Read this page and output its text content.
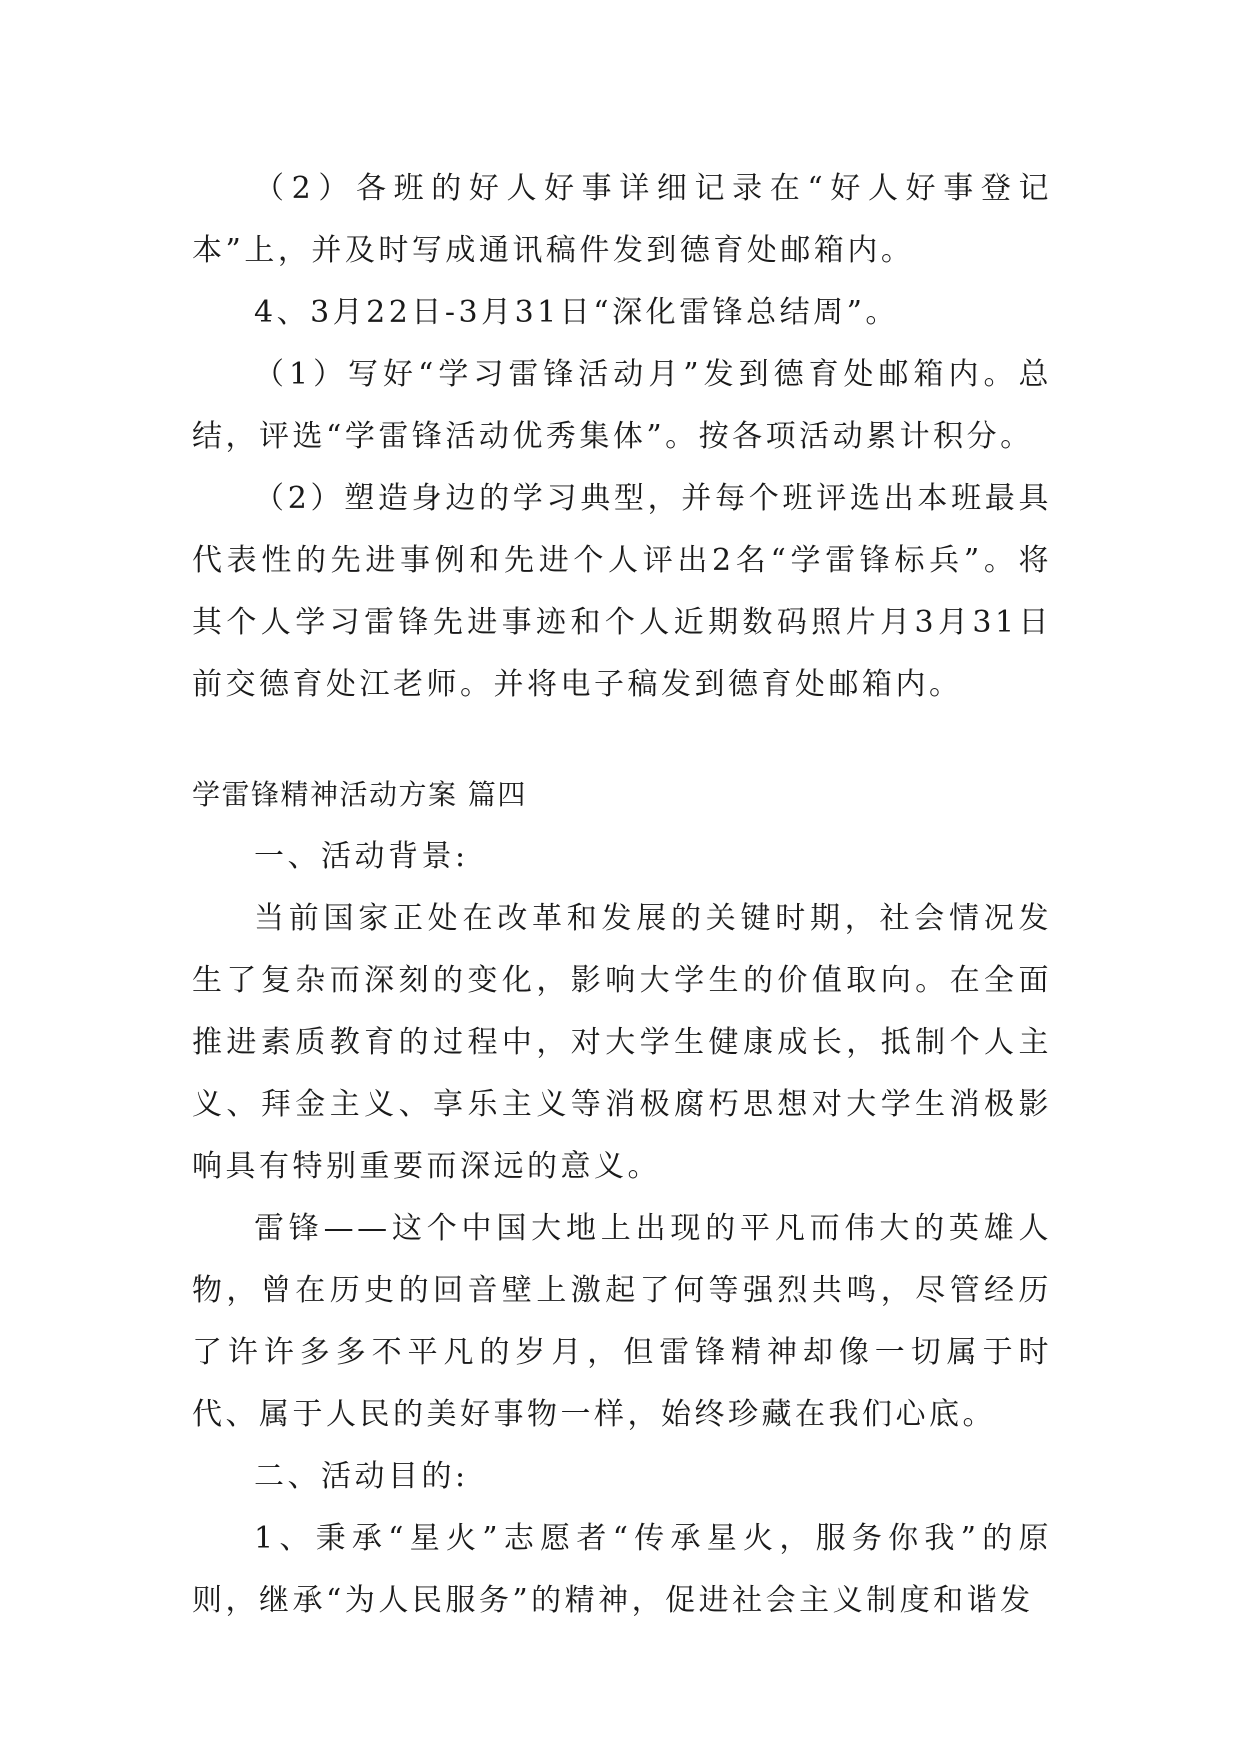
（2）各班的好人好事详细记录在“好人好事登记本”上，并及时写成通讯稿件发到德育处邮箱内。

4、3月22日-3月31日“深化雷锋总结周”。

（1）写好“学习雷锋活动月”发到德育处邮箱内。总结，评选“学雷锋活动优秀集体”。按各项活动累计积分。

（2）塑造身边的学习典型，并每个班评选出本班最具代表性的先进事例和先进个人评出2名“学雷锋标兵”。将其个人学习雷锋先进事迹和个人近期数码照片月3月31日前交德育处江老师。并将电子稿发到德育处邮箱内。

学雷锋精神活动方案 篇四

一、活动背景:

当前国家正处在改革和发展的关键时期，社会情况发生了复杂而深刻的变化，影响大学生的价值取向。在全面推进素质教育的过程中，对大学生健康成长，抵制个人主义、拜金主义、享乐主义等消极腐朽思想对大学生消极影响具有特别重要而深远的意义。

雷锋——这个中国大地上出现的平凡而伟大的英雄人物，曾在历史的回音壁上激起了何等强烈共鸣，尽管经历了许许多多不平凡的岁月，但雷锋精神却像一切属于时代、属于人民的美好事物一样，始终珍藏在我们心底。

二、活动目的:

1、秉承“星火”志愿者“传承星火，服务你我”的原则，继承“为人民服务”的精神，促进社会主义制度和谐发
